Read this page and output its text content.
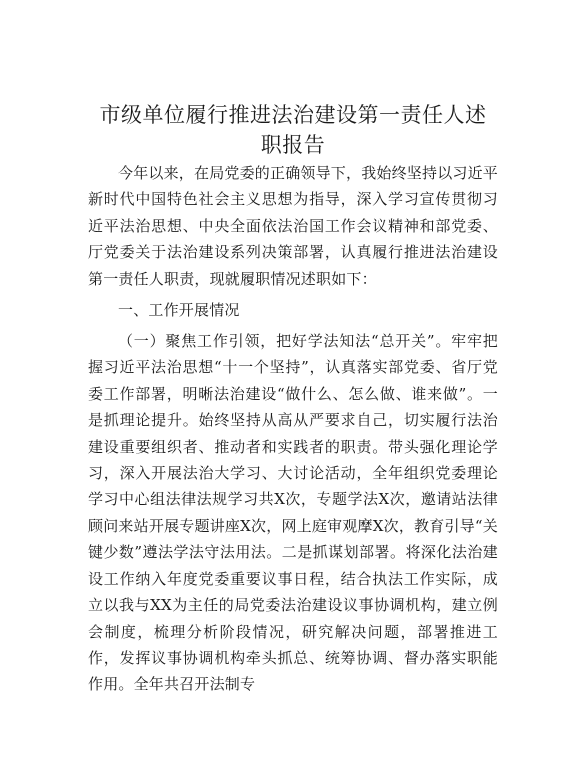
市级单位履行推进法治建设第一责任人述职报告

今年以来，在局党委的正确领导下，我始终坚持以习近平新时代中国特色社会主义思想为指导，深入学习宣传贯彻习近平法治思想、中央全面依法治国工作会议精神和部党委、厅党委关于法治建设系列决策部署，认真履行推进法治建设第一责任人职责，现就履职情况述职如下：

一、工作开展情况

（一）聚焦工作引领，把好学法知法“总开关”。牢牢把握习近平法治思想“十一个坚持”，认真落实部党委、省厅党委工作部署，明晰法治建设“做什么、怎么做、谁来做”。一是抓理论提升。始终坚持从高从严要求自己，切实履行法治建设重要组织者、推动者和实践者的职责。带头强化理论学习，深入开展法治大学习、大讨论活动，全年组织党委理论学习中心组法律法规学习共X次，专题学法X次，邀请站法律顾问来站开展专题讲座X次，网上庭审观摩X次，教育引导“关键少数”遵法学法守法用法。二是抓谋划部署。将深化法治建设工作纳入年度党委重要议事日程，结合执法工作实际，成立以我与XX为主任的局党委法治建设议事协调机构，建立例会制度，梳理分析阶段情况，研究解决问题，部署推进工作，发挥议事协调机构牵头抓总、统筹协调、督办落实职能作用。全年共召开法制专
